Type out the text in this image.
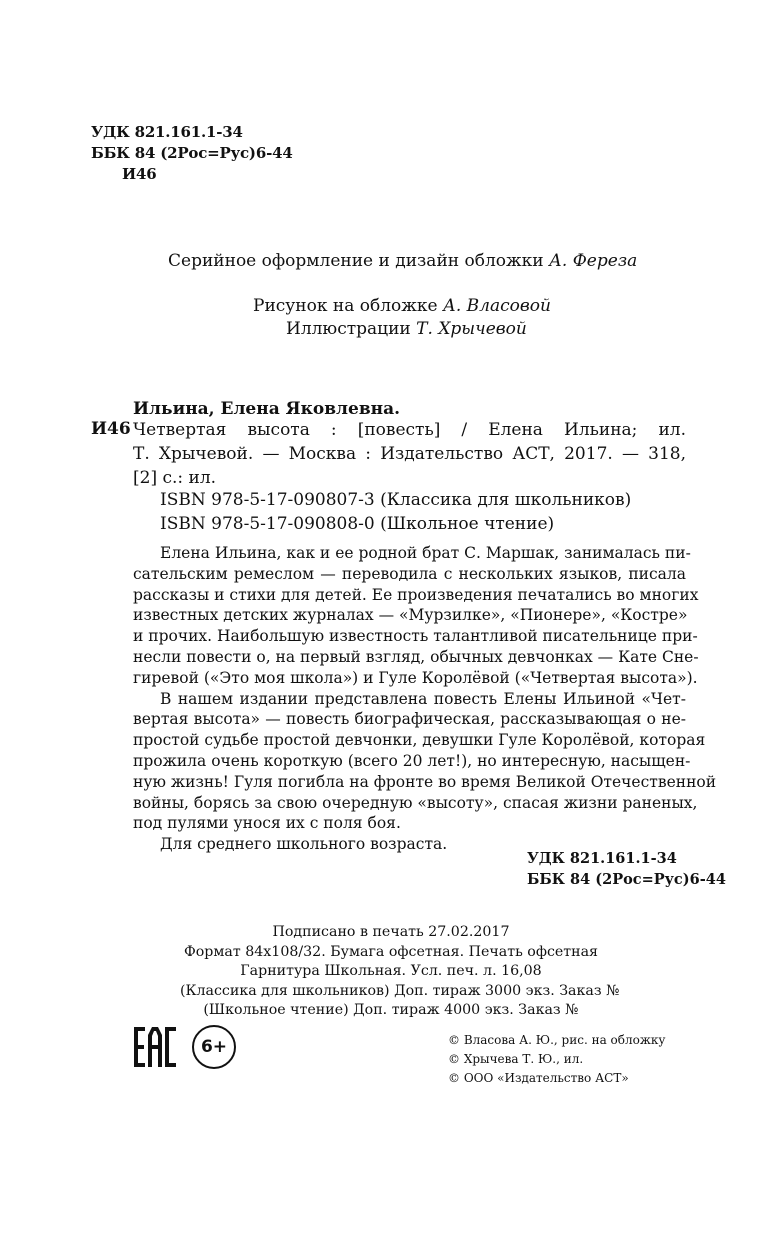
УДК 821.161.1-34
ББК 84 (2Рос=Рус)6-44
И46
Серийное оформление и дизайн обложки А. Фереза
Рисунок на обложке А. Власовой
Иллюстрации Т. Хрычевой
Ильина, Елена Яковлевна.
И46 Четвертая высота : [повесть] / Елена Ильина; ил.
Т. Хрычевой. — Москва : Издательство АСТ, 2017. — 318,
[2] с.: ил.
ISBN 978-5-17-090807-3 (Классика для школьников)
ISBN 978-5-17-090808-0 (Школьное чтение)
Елена Ильина, как и ее родной брат С. Маршак, занималась пи-
сательским ремеслом — переводила с нескольких языков, писала
рассказы и стихи для детей. Ее произведения печатались во многих
известных детских журналах — «Мурзилке», «Пионере», «Костре»
и прочих. Наибольшую известность талантливой писательнице при-
несли повести о, на первый взгляд, обычных девчонках — Кате Сне-
гиревой («Это моя школа») и Гуле Королёвой («Четвертая высота»).
В нашем издании представлена повесть Елены Ильиной «Чет-
вертая высота» — повесть биографическая, рассказывающая о не-
простой судьбе простой девчонки, девушки Гуле Королёвой, которая
прожила очень короткую (всего 20 лет!), но интересную, насыщен-
ную жизнь! Гуля погибла на фронте во время Великой Отечественной
войны, борясь за свою очередную «высоту», спасая жизни раненых,
под пулями унося их с поля боя.
Для среднего школьного возраста.
УДК 821.161.1-34
ББК 84 (2Рос=Рус)6-44
Подписано в печать 27.02.2017
Формат 84х108/32. Бумага офсетная. Печать офсетная
Гарнитура Школьная. Усл. печ. л. 16,08
(Классика для школьников) Доп. тираж 3000 экз. Заказ №
(Школьное чтение) Доп. тираж 4000 экз. Заказ №
6+	© Власова А. Ю., рис. на обложку
© Хрычева Т. Ю., ил.
© ООО «Издательство АСТ»
